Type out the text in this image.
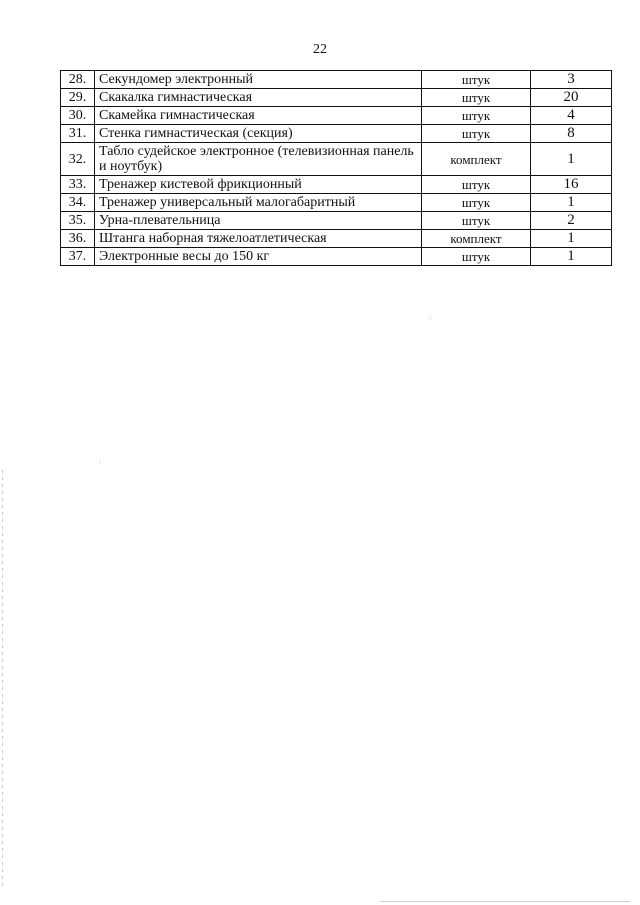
22
28.	Секундомер электронный	штук	3
29.	Скакалка гимнастическая	штук	20
30.	Скамейка гимнастическая	штук	4
31.	Стенка гимнастическая (секция)	штук	8
32.	Табло судейское электронное (телевизионная панель и ноутбук)	комплект	1
33.	Тренажер кистевой фрикционный	штук	16
34.	Тренажер универсальный малогабаритный	штук	1
35.	Урна-плевательница	штук	2
36.	Штанга наборная тяжелоатлетическая	комплект	1
37.	Электронные весы до 150 кг	штук	1
